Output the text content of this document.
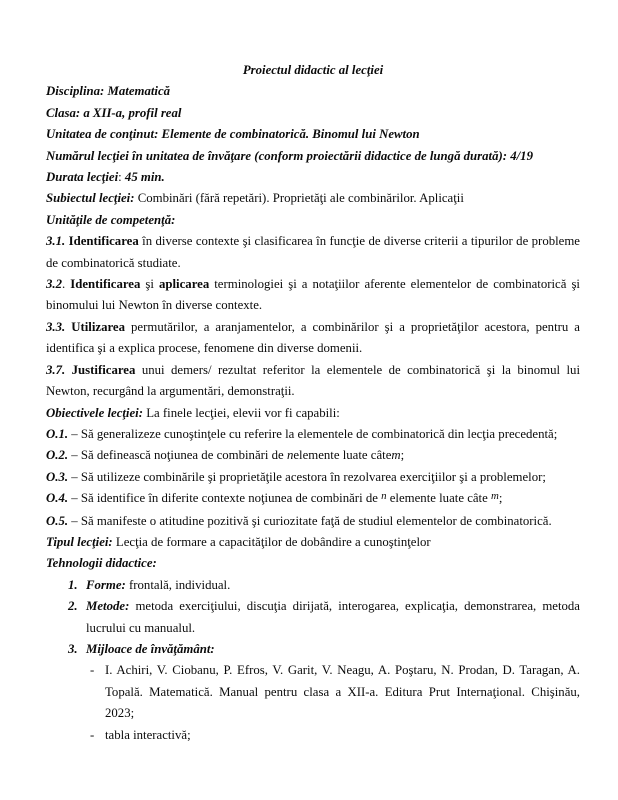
Proiectul didactic al lecţiei

Disciplina: Matematică

Clasa: a XII-a, profil real

Unitatea de conţinut: Elemente de combinatorică. Binomul lui Newton

Numărul lecţiei în unitatea de învăţare (conform proiectării didactice de lungă durată): 4/19

Durata lecţiei: 45 min.

Subiectul lecţiei: Combinări (fără repetări). Proprietăţi ale combinărilor. Aplicaţii

Unităţile de competenţă:

3.1. Identificarea în diverse contexte şi clasificarea în funcţie de diverse criterii a tipurilor de probleme de combinatorică studiate.

3.2. Identificarea şi aplicarea terminologiei şi a notaţiilor aferente elementelor de combinatorică şi binomului lui Newton în diverse contexte.

3.3. Utilizarea permutărilor, a aranjamentelor, a combinărilor şi a proprietăţilor acestora, pentru a identifica şi a explica procese, fenomene din diverse domenii.

3.7. Justificarea unui demers/ rezultat referitor la elementele de combinatorică şi la binomul lui Newton, recurgând la argumentări, demonstraţii.

Obiectivele lecţiei: La finele lecţiei, elevii vor fi capabili:

O.1. – Să generalizeze cunoştinţele cu referire la elementele de combinatorică din lecţia precedentă;

O.2. – Să definească noţiunea de combinări de nelemente luate câtem;

O.3. – Să utilizeze combinările şi proprietăţile acestora în rezolvarea exerciţiilor şi a problemelor;

O.4. – Să identifice în diferite contexte noţiunea de combinări de $^n$ elemente luate câte $^m$;

O.5. – Să manifeste o atitudine pozitivă şi curiozitate faţă de studiul elementelor de combinatorică.

Tipul lecţiei: Lecţia de formare a capacităţilor de dobândire a cunoştinţelor

Tehnologii didactice:

1. Forme: frontală, individual.
2. Metode: metoda exerciţiului, discuţia dirijată, interogarea, explicaţia, demonstrarea, metoda lucrului cu manualul.
3. Mijloace de învăţământ:
- I. Achiri, V. Ciobanu, P. Efros, V. Garit, V. Neagu, A. Poştaru, N. Prodan, D. Taragan, A. Topală. Matematică. Manual pentru clasa a XII-a. Editura Prut Internaţional. Chişinău, 2023;
- tabla interactivă;
